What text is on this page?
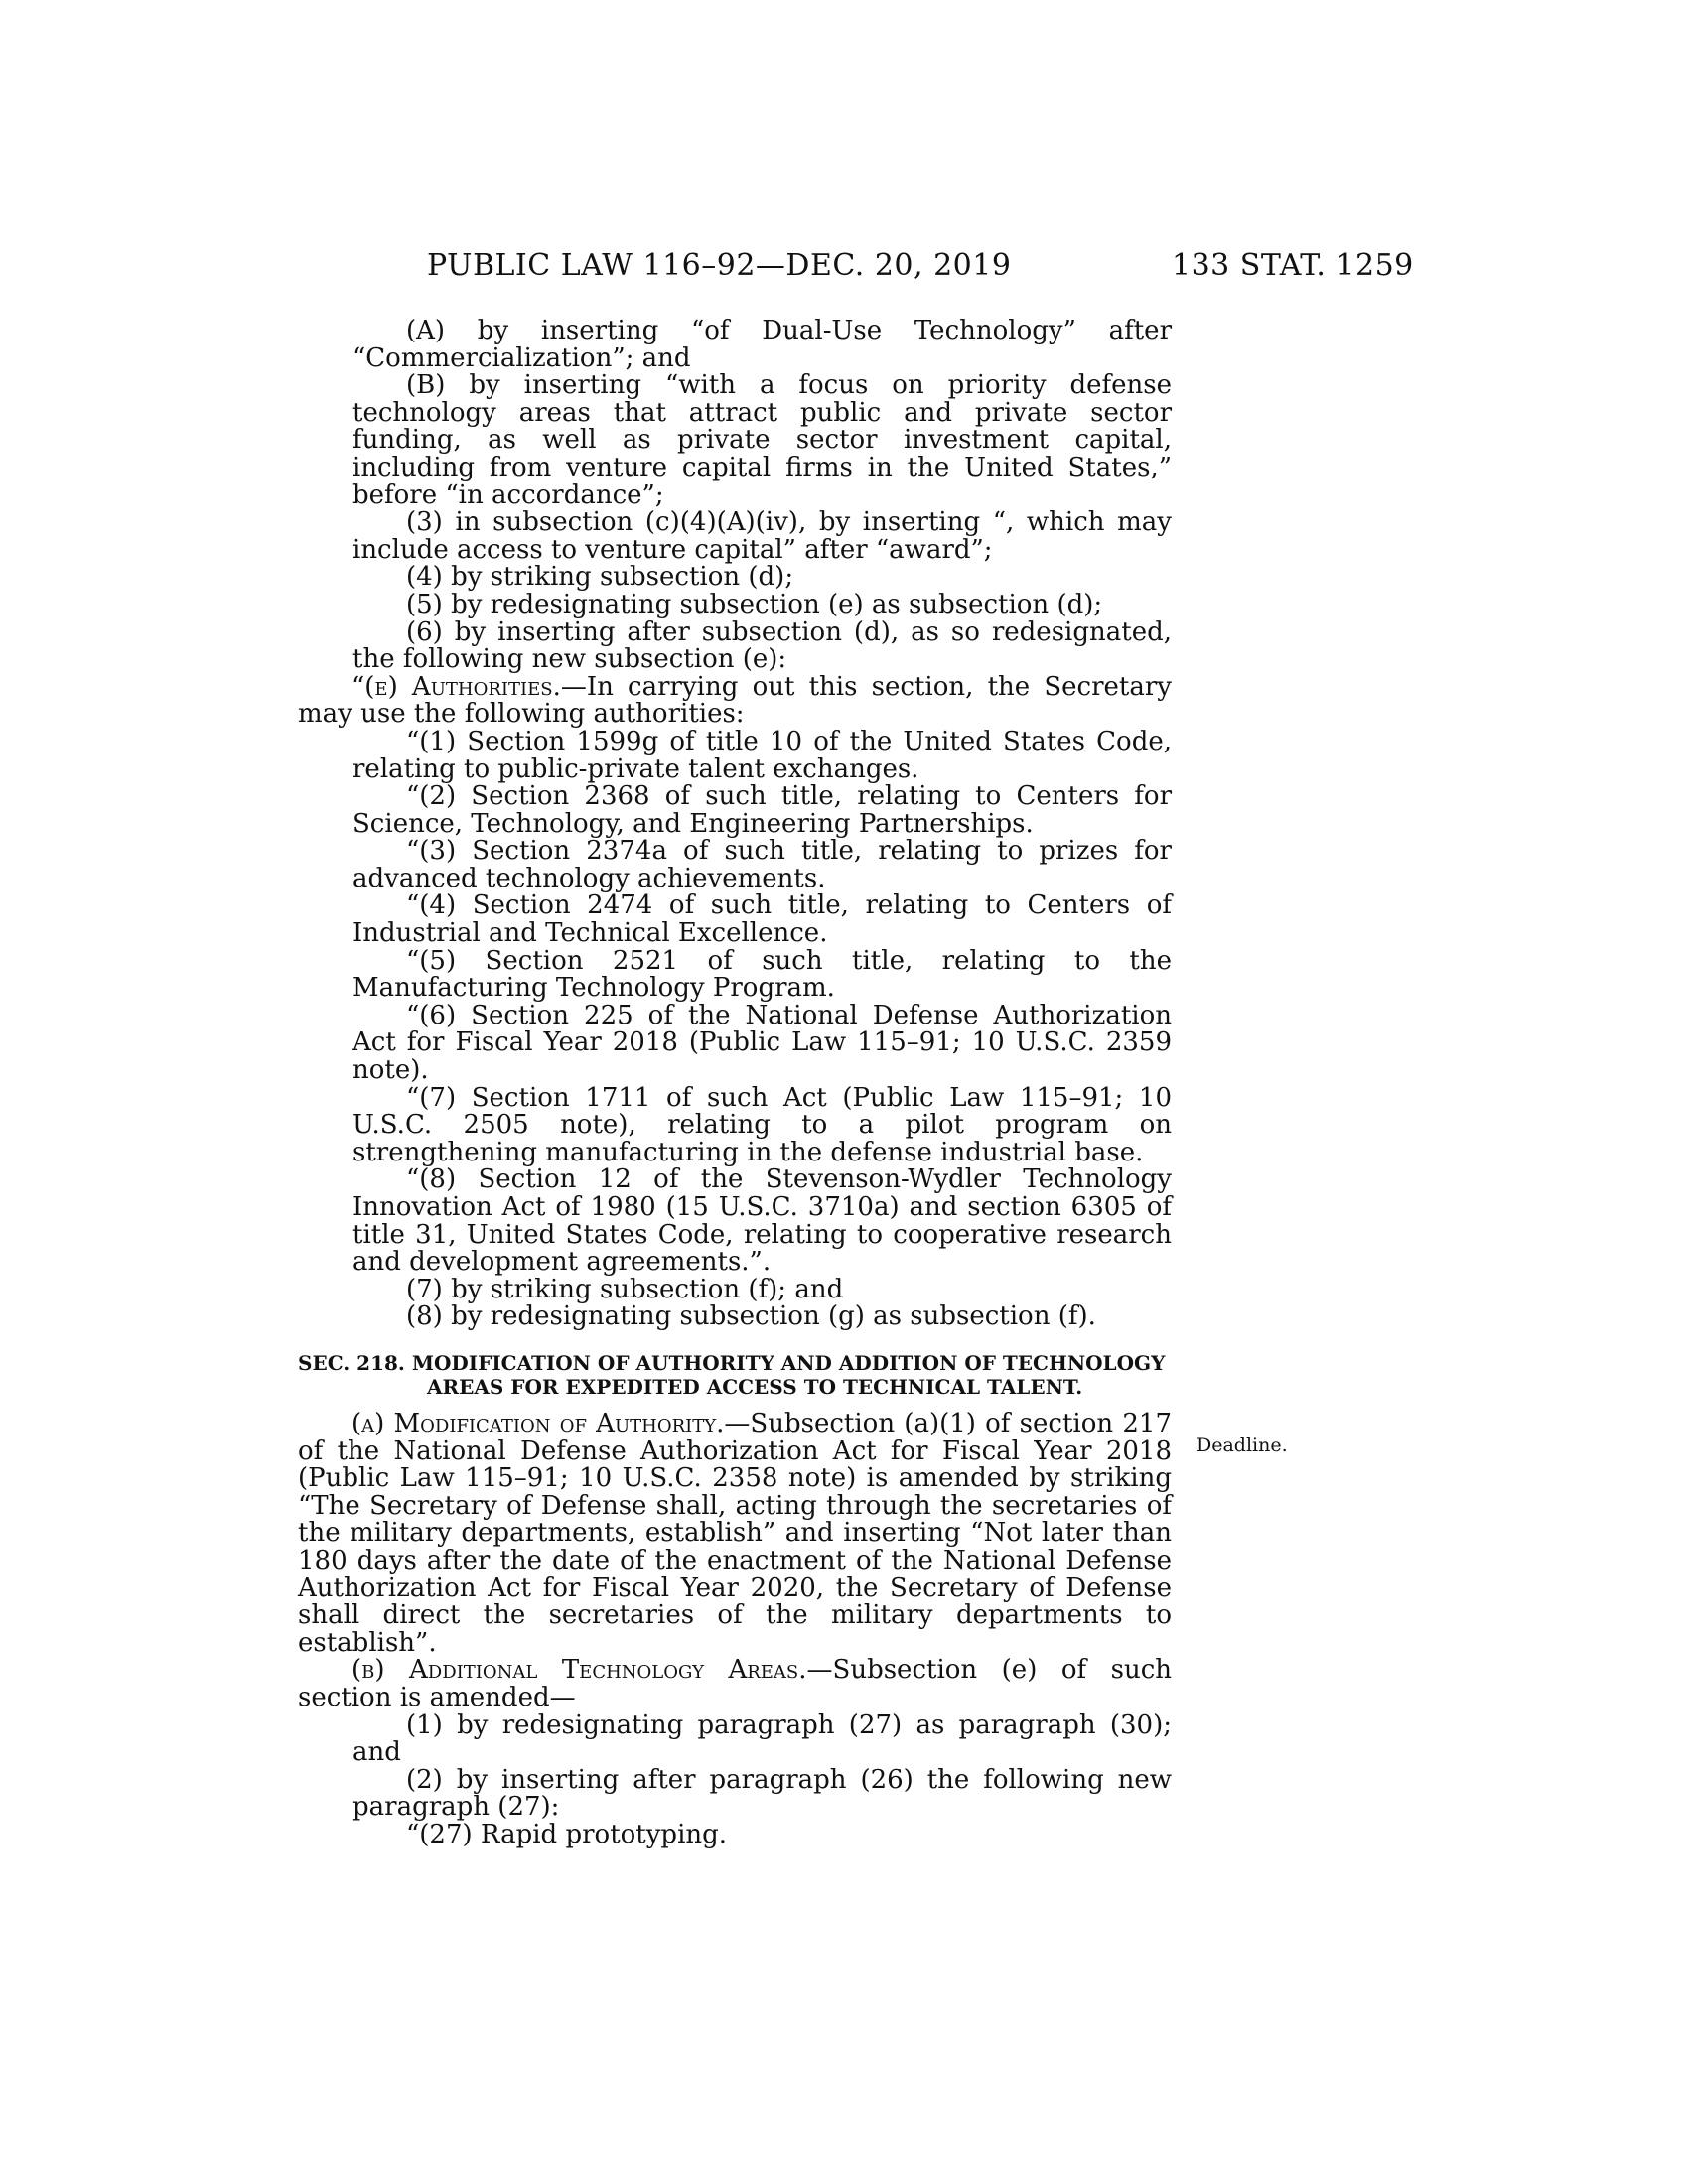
PUBLIC LAW 116–92—DEC. 20, 2019	133 STAT. 1259

(A) by inserting “of Dual-Use Technology” after “Commercialization”; and

(B) by inserting “with a focus on priority defense technology areas that attract public and private sector funding, as well as private sector investment capital, including from venture capital firms in the United States,” before “in accordance”;

(3) in subsection (c)(4)(A)(iv), by inserting “, which may include access to venture capital” after “award”;

(4) by striking subsection (d);

(5) by redesignating subsection (e) as subsection (d);

(6) by inserting after subsection (d), as so redesignated, the following new subsection (e):

“(e) Authorities.—In carrying out this section, the Secretary may use the following authorities:

“(1) Section 1599g of title 10 of the United States Code, relating to public-private talent exchanges.

“(2) Section 2368 of such title, relating to Centers for Science, Technology, and Engineering Partnerships.

“(3) Section 2374a of such title, relating to prizes for advanced technology achievements.

“(4) Section 2474 of such title, relating to Centers of Industrial and Technical Excellence.

“(5) Section 2521 of such title, relating to the Manufacturing Technology Program.

“(6) Section 225 of the National Defense Authorization Act for Fiscal Year 2018 (Public Law 115–91; 10 U.S.C. 2359 note).

“(7) Section 1711 of such Act (Public Law 115–91; 10 U.S.C. 2505 note), relating to a pilot program on strengthening manufacturing in the defense industrial base.

“(8) Section 12 of the Stevenson-Wydler Technology Innovation Act of 1980 (15 U.S.C. 3710a) and section 6305 of title 31, United States Code, relating to cooperative research and development agreements.”.

(7) by striking subsection (f); and

(8) by redesignating subsection (g) as subsection (f).

SEC. 218. MODIFICATION OF AUTHORITY AND ADDITION OF TECHNOLOGY AREAS FOR EXPEDITED ACCESS TO TECHNICAL TALENT.

(a) Modification of Authority.—Subsection (a)(1) of section 217 of the National Defense Authorization Act for Fiscal Year 2018 (Public Law 115–91; 10 U.S.C. 2358 note) is amended by striking “The Secretary of Defense shall, acting through the secretaries of the military departments, establish” and inserting “Not later than 180 days after the date of the enactment of the National Defense Authorization Act for Fiscal Year 2020, the Secretary of Defense shall direct the secretaries of the military departments to establish”.

(b) Additional Technology Areas.—Subsection (e) of such section is amended—

(1) by redesignating paragraph (27) as paragraph (30); and

(2) by inserting after paragraph (26) the following new paragraph (27):

“(27) Rapid prototyping.

Deadline.
